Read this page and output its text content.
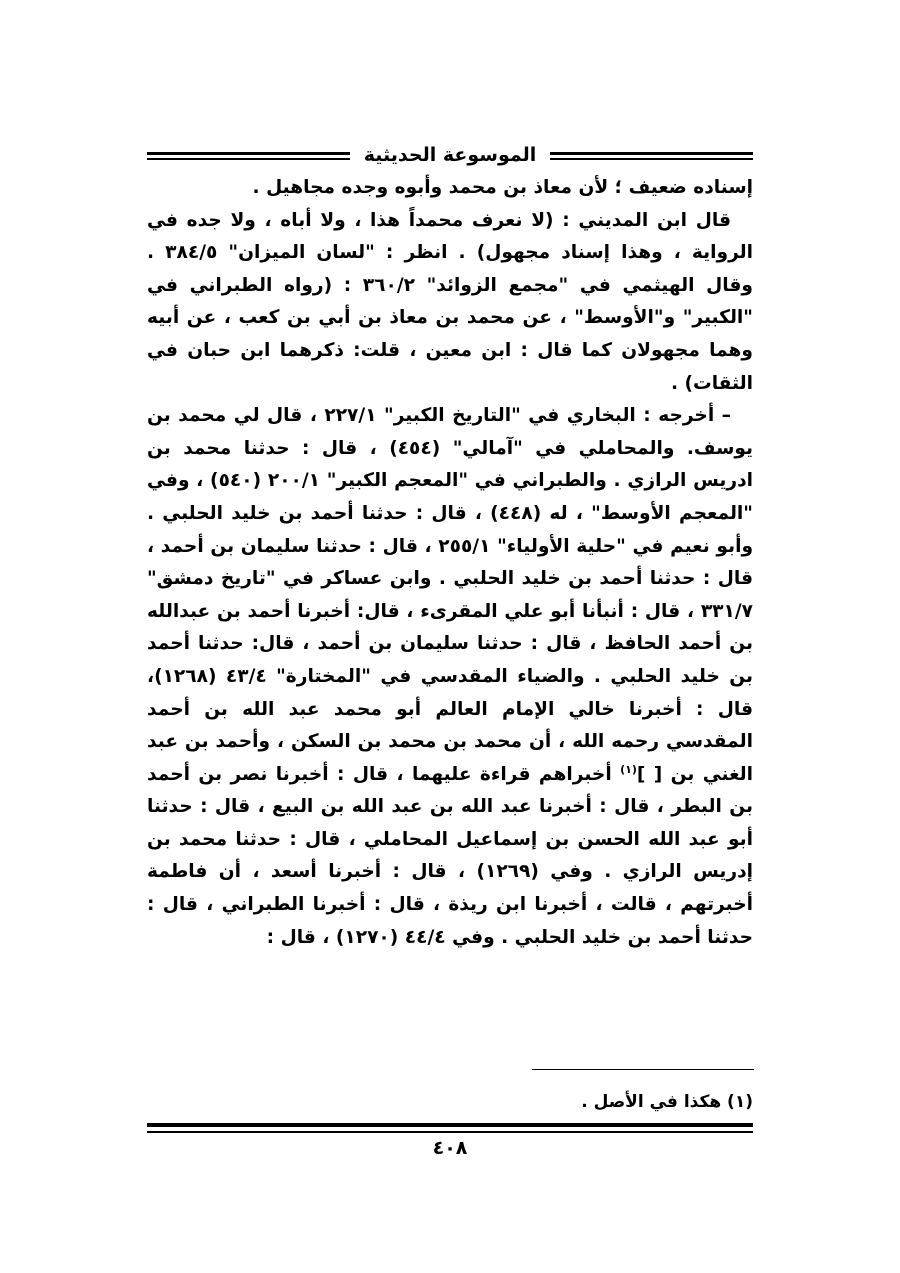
الموسوعة الحديثية

إسناده ضعيف ؛ لأن معاذ بن محمد وأبوه وجده مجاهيل .

قال ابن المديني : (لا نعرف محمداً هذا ، ولا أباه ، ولا جده في الرواية ، وهذا إسناد مجهول) . انظر : "لسان الميزان" ٣٨٤/٥ . وقال الهيثمي في "مجمع الزوائد" ٣٦٠/٢ : (رواه الطبراني في "الكبير" و"الأوسط" ، عن محمد بن معاذ بن أبي بن كعب ، عن أبيه وهما مجهولان كما قال : ابن معين ، قلت: ذكرهما ابن حبان في الثقات) .

– أخرجه : البخاري في "التاريخ الكبير" ٢٢٧/١ ، قال لي محمد بن يوسف. والمحاملي في "آمالي" (٤٥٤) ، قال : حدثنا محمد بن ادريس الرازي . والطبراني في "المعجم الكبير" ٢٠٠/١ (٥٤٠) ، وفي "المعجم الأوسط" ، له (٤٤٨) ، قال : حدثنا أحمد بن خليد الحلبي . وأبو نعيم في "حلية الأولياء" ٢٥٥/١ ، قال : حدثنا سليمان بن أحمد ، قال : حدثنا أحمد بن خليد الحلبي . وابن عساكر في "تاريخ دمشق" ٣٣١/٧ ، قال : أنبأنا أبو علي المقرىء ، قال: أخبرنا أحمد بن عبدالله بن أحمد الحافظ ، قال : حدثنا سليمان بن أحمد ، قال: حدثنا أحمد بن خليد الحلبي . والضياء المقدسي في "المختارة" ٤٣/٤ (١٢٦٨)، قال : أخبرنا خالي الإمام العالم أبو محمد عبد الله بن أحمد المقدسي رحمه الله ، أن محمد بن محمد بن السكن ، وأحمد بن عبد الغني بن [ ]$^{(١)}$ أخبراهم قراءة عليهما ، قال : أخبرنا نصر بن أحمد بن البطر ، قال : أخبرنا عبد الله بن عبد الله بن البيع ، قال : حدثنا أبو عبد الله الحسن بن إسماعيل المحاملي ، قال : حدثنا محمد بن إدريس الرازي . وفي (١٢٦٩) ، قال : أخبرنا أسعد ، أن فاطمة أخبرتهم ، قالت ، أخبرنا ابن ريذة ، قال : أخبرنا الطبراني ، قال : حدثنا أحمد بن خليد الحلبي . وفي ٤٤/٤ (١٢٧٠) ، قال :

(١) هكذا في الأصل .
٤٠٨
